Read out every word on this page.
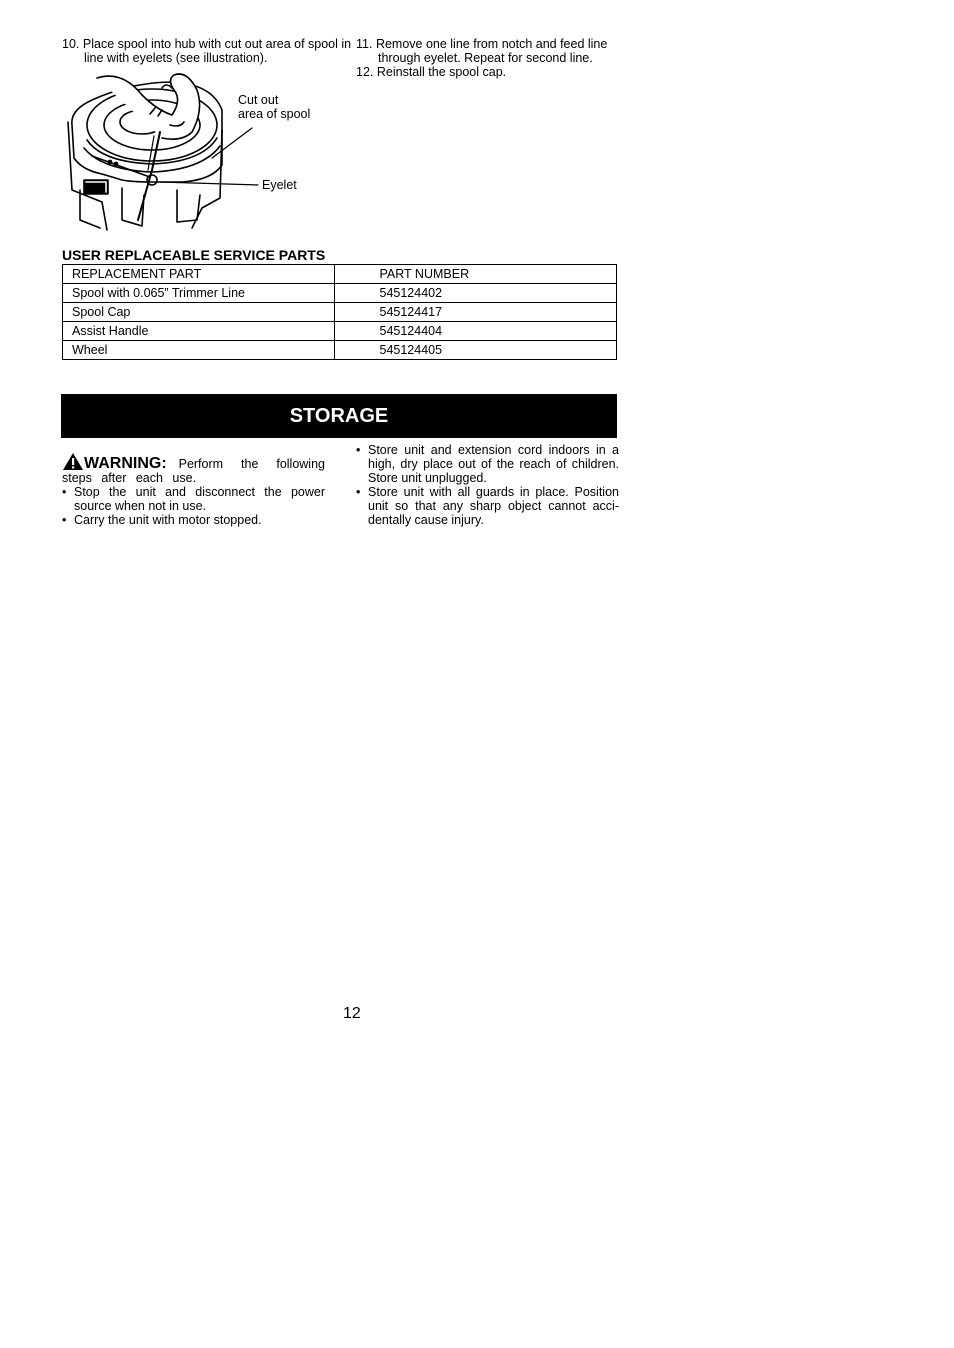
10. Place spool into hub with cut out area of spool in line with eyelets (see illustration).
11. Remove one line from notch and feed line through eyelet. Repeat for second line.
12. Reinstall the spool cap.
Cut out
area of spool
Eyelet
USER REPLACEABLE SERVICE PARTS
REPLACEMENT PART	PART NUMBER
Spool with 0.065” Trimmer Line	545124402
Spool Cap	545124417
Assist Handle	545124404
Wheel	545124405
STORAGE
WARNING: Perform the following steps after each use.
• Stop the unit and disconnect the power source when not in use.
• Carry the unit with motor stopped.
• Store unit and extension cord indoors in a high, dry place out of the reach of children. Store unit unplugged.
• Store unit with all guards in place. Position unit so that any sharp object cannot acci-dentally cause injury.
12
